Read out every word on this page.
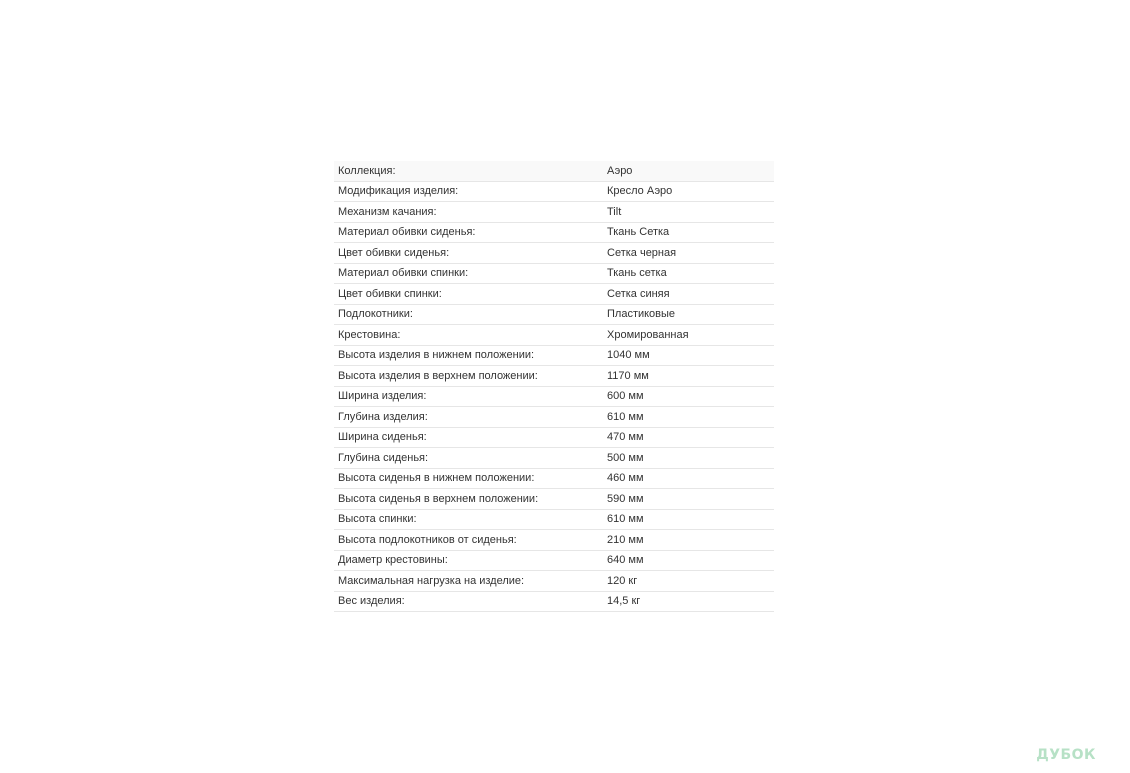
Коллекция:	Аэро
Модификация изделия:	Кресло Аэро
Механизм качания:	Tilt
Материал обивки сиденья:	Ткань Сетка
Цвет обивки сиденья:	Сетка черная
Материал обивки спинки:	Ткань сетка
Цвет обивки спинки:	Сетка синяя
Подлокотники:	Пластиковые
Крестовина:	Хромированная
Высота изделия в нижнем положении:	1040 мм
Высота изделия в верхнем положении:	1170 мм
Ширина изделия:	600 мм
Глубина изделия:	610 мм
Ширина сиденья:	470 мм
Глубина сиденья:	500 мм
Высота сиденья в нижнем положении:	460 мм
Высота сиденья в верхнем положении:	590 мм
Высота спинки:	610 мм
Высота подлокотников от сиденья:	210 мм
Диаметр крестовины:	640 мм
Максимальная нагрузка на изделие:	120 кг
Вес изделия:	14,5 кг
ДУБОК
